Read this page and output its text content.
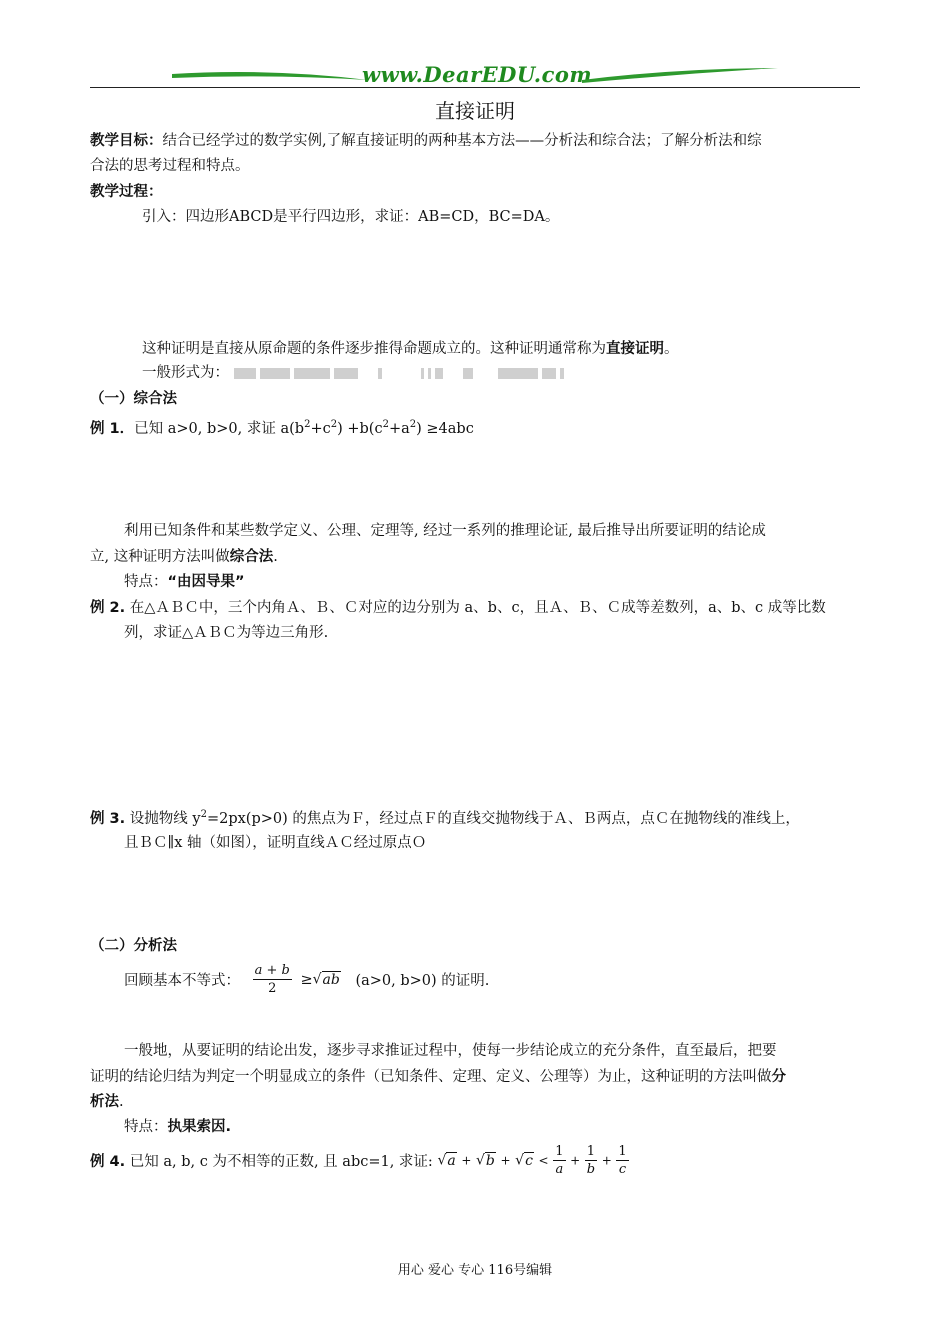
www.DearEDU.com
直接证明
教学目标：结合已经学过的数学实例,了解直接证明的两种基本方法——分析法和综合法；了解分析法和综
合法的思考过程和特点。
教学过程：
引入：四边形ABCD是平行四边形，求证：AB=CD，BC=DA。
这种证明是直接从原命题的条件逐步推得命题成立的。这种证明通常称为直接证明。
一般形式为：
（一）综合法
例 1．已知 a>0, b>0, 求证 $a(b^2+c^2) +b(c^2+a^2) \ge 4abc$
利用已知条件和某些数学定义、公理、定理等, 经过一系列的推理论证, 最后推导出所要证明的结论成
立, 这种证明方法叫做综合法.
特点：“由因导果”
例 2. 在△ＡＢＣ中，三个内角Ａ、Ｂ、Ｃ对应的边分别为 a、b、c，且Ａ、Ｂ、Ｃ成等差数列，a、b、c 成等比数
列，求证△ＡＢＣ为等边三角形.
例 3. 设抛物线 $y^2=2px(p>0)$ 的焦点为Ｆ，经过点Ｆ的直线交抛物线于Ａ、Ｂ两点，点Ｃ在抛物线的准线上，
且ＢＣ∥x 轴（如图），证明直线ＡＣ经过原点Ｏ
（二）分析法
回顾基本不等式： $\frac{a + b}{2} \ge√ab$ (a>0, b>0) 的证明.
一般地，从要证明的结论出发，逐步寻求推证过程中，使每一步结论成立的充分条件，直至最后，把要
证明的结论归结为判定一个明显成立的条件（已知条件、定理、定义、公理等）为止，这种证明的方法叫做分
析法.
特点：执果索因.
例 4. 已知 a, b, c 为不相等的正数, 且 abc=1, 求证: $√a + √b + √c < \frac{1}{a} + \frac{1}{b} + \frac{1}{c}$
用心 爱心 专心 116号编辑
